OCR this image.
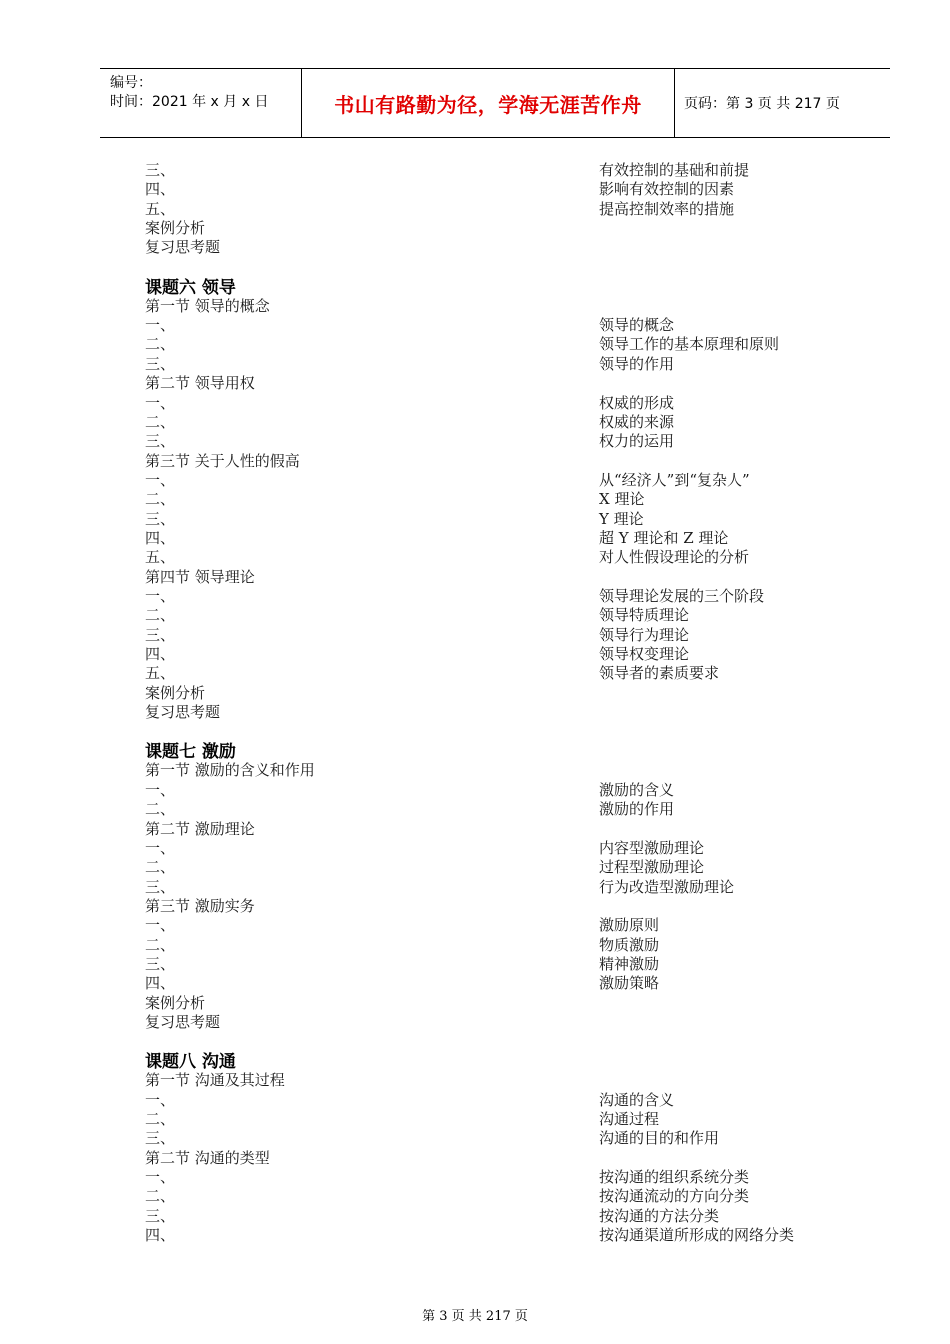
编号：
时间：2021 年 x 月 x 日	书山有路勤为径，学海无涯苦作舟	页码：第 3 页 共 217 页
三、	有效控制的基础和前提
四、	影响有效控制的因素
五、	提高控制效率的措施
案例分析
复习思考题
课题六 领导
第一节 领导的概念
一、	领导的概念
二、	领导工作的基本原理和原则
三、	领导的作用
第二节 领导用权
一、	权威的形成
二、	权威的来源
三、	权力的运用
第三节 关于人性的假高
一、	从“经济人”到“复杂人”
二、	X 理论
三、	Y 理论
四、	超 Y 理论和 Z 理论
五、	对人性假设理论的分析
第四节 领导理论
一、	领导理论发展的三个阶段
二、	领导特质理论
三、	领导行为理论
四、	领导权变理论
五、	领导者的素质要求
案例分析
复习思考题
课题七 激励
第一节 激励的含义和作用
一、	激励的含义
二、	激励的作用
第二节 激励理论
一、	内容型激励理论
二、	过程型激励理论
三、	行为改造型激励理论
第三节 激励实务
一、	激励原则
二、	物质激励
三、	精神激励
四、	激励策略
案例分析
复习思考题
课题八 沟通
第一节 沟通及其过程
一、	沟通的含义
二、	沟通过程
三、	沟通的目的和作用
第二节 沟通的类型
一、	按沟通的组织系统分类
二、	按沟通流动的方向分类
三、	按沟通的方法分类
四、	按沟通渠道所形成的网络分类
第 3 页 共 217 页
